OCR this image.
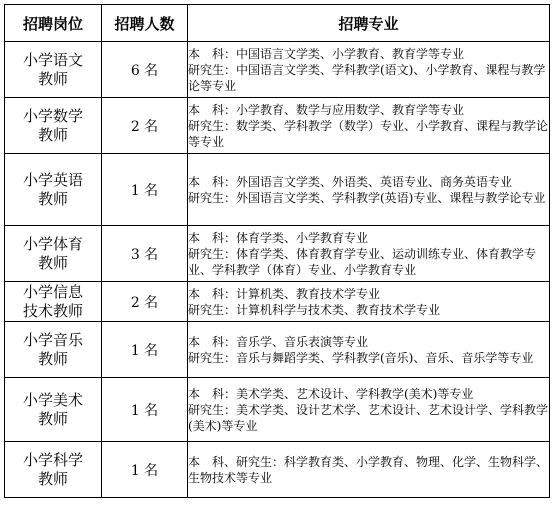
招聘岗位	招聘人数	招聘专业

小学语文
教师	6 名	本　科：中国语言文学类、小学教育、教育学等专业
研究生：中国语言文学类、学科教学(语文)、小学教育、课程与教学论等专业

小学数学
教师	2 名	本　科：小学教育、数学与应用数学、教育学等专业
研究生：数学类、学科教学（数学）专业、小学教育、课程与教学论等专业

小学英语
教师	1 名	本　科：外国语言文学类、外语类、英语专业、商务英语专业
研究生：外国语言文学类、学科教学(英语)专业、课程与教学论专业

小学体育
教师	3 名	本　科：体育学类、小学教育专业
研究生：体育学类、体育教育学专业、运动训练专业、体育教学专业、学科教学（体育）专业、小学教育专业

小学信息
技术教师	2 名	本　科：计算机类、教育技术学专业
研究生：计算机科学与技术类、教育技术学专业

小学音乐
教师	1 名	本　科：音乐学、音乐表演等专业
研究生：音乐与舞蹈学类、学科教学(音乐)、音乐、音乐学等专业

小学美术
教师	1 名	本　科：美术学类、艺术设计、学科教学(美术)等专业
研究生：美术学类、设计艺术学、艺术设计、艺术设计学、学科教学(美术)等专业

小学科学
教师	1 名	本　科、研究生：科学教育类、小学教育、物理、化学、生物科学、生物技术等专业
